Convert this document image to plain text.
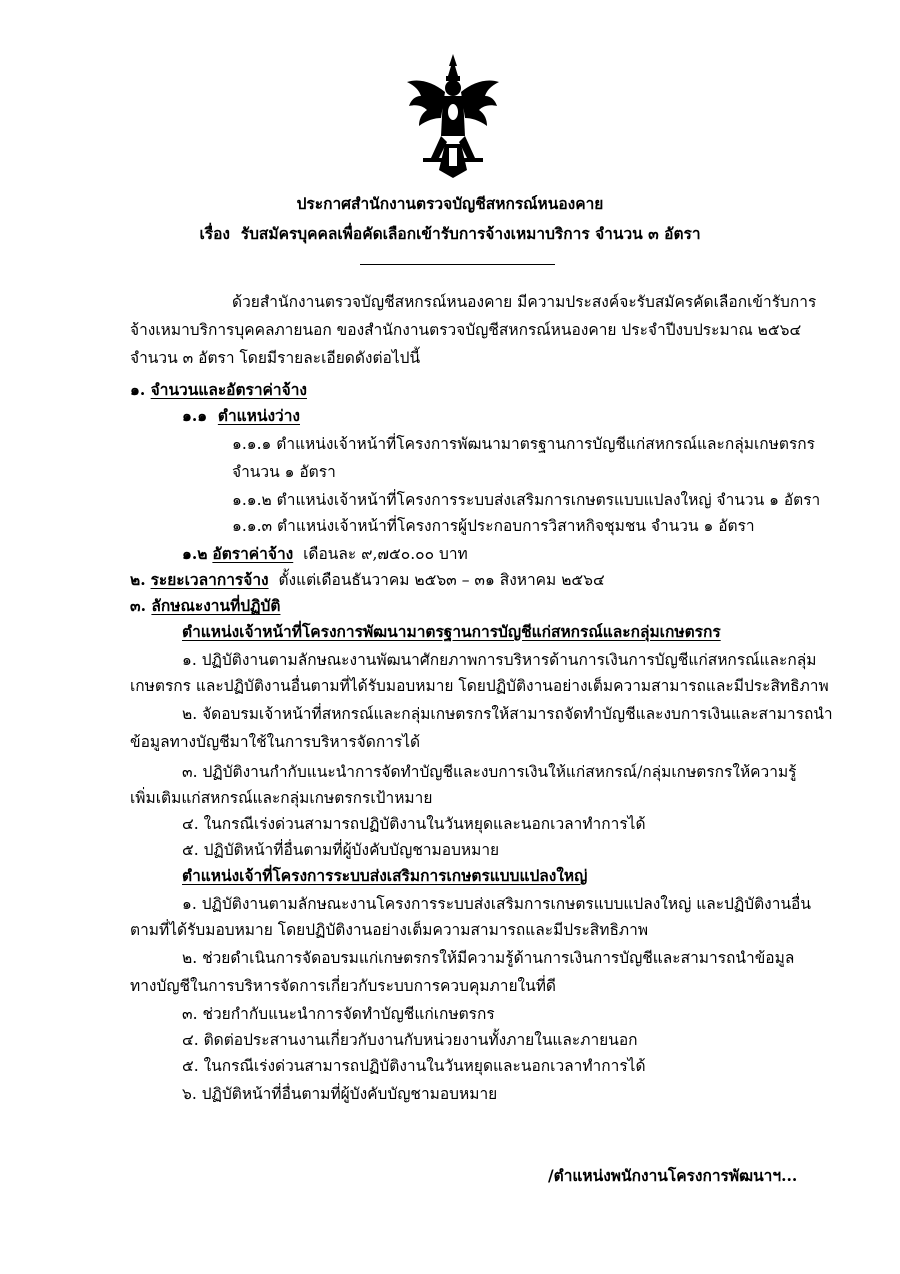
ประกาศสำนักงานตรวจบัญชีสหกรณ์หนองคาย
เรื่อง รับสมัครบุคคลเพื่อคัดเลือกเข้ารับการจ้างเหมาบริการ จำนวน ๓ อัตรา
ด้วยสำนักงานตรวจบัญชีสหกรณ์หนองคาย มีความประสงค์จะรับสมัครคัดเลือกเข้ารับการ
จ้างเหมาบริการบุคคลภายนอก ของสำนักงานตรวจบัญชีสหกรณ์หนองคาย ประจำปีงบประมาณ ๒๕๖๔
จำนวน ๓ อัตรา โดยมีรายละเอียดดังต่อไปนี้
๑. จำนวนและอัตราค่าจ้าง
๑.๑ ตำแหน่งว่าง
๑.๑.๑ ตำแหน่งเจ้าหน้าที่โครงการพัฒนามาตรฐานการบัญชีแก่สหกรณ์และกลุ่มเกษตรกร
จำนวน ๑ อัตรา
๑.๑.๒ ตำแหน่งเจ้าหน้าที่โครงการระบบส่งเสริมการเกษตรแบบแปลงใหญ่ จำนวน ๑ อัตรา
๑.๑.๓ ตำแหน่งเจ้าหน้าที่โครงการผู้ประกอบการวิสาหกิจชุมชน จำนวน ๑ อัตรา
๑.๒ อัตราค่าจ้าง เดือนละ ๙,๗๕๐.๐๐ บาท
๒. ระยะเวลาการจ้าง ตั้งแต่เดือนธันวาคม ๒๕๖๓ – ๓๑ สิงหาคม ๒๕๖๔
๓. ลักษณะงานที่ปฏิบัติ
ตำแหน่งเจ้าหน้าที่โครงการพัฒนามาตรฐานการบัญชีแก่สหกรณ์และกลุ่มเกษตรกร
๑. ปฏิบัติงานตามลักษณะงานพัฒนาศักยภาพการบริหารด้านการเงินการบัญชีแก่สหกรณ์และกลุ่ม
เกษตรกร และปฏิบัติงานอื่นตามที่ได้รับมอบหมาย โดยปฏิบัติงานอย่างเต็มความสามารถและมีประสิทธิภาพ
๒. จัดอบรมเจ้าหน้าที่สหกรณ์และกลุ่มเกษตรกรให้สามารถจัดทำบัญชีและงบการเงินและสามารถนำ
ข้อมูลทางบัญชีมาใช้ในการบริหารจัดการได้
๓. ปฏิบัติงานกำกับแนะนำการจัดทำบัญชีและงบการเงินให้แก่สหกรณ์/กลุ่มเกษตรกรให้ความรู้
เพิ่มเติมแก่สหกรณ์และกลุ่มเกษตรกรเป้าหมาย
๔. ในกรณีเร่งด่วนสามารถปฏิบัติงานในวันหยุดและนอกเวลาทำการได้
๕. ปฏิบัติหน้าที่อื่นตามที่ผู้บังคับบัญชามอบหมาย
ตำแหน่งเจ้าที่โครงการระบบส่งเสริมการเกษตรแบบแปลงใหญ่
๑. ปฏิบัติงานตามลักษณะงานโครงการระบบส่งเสริมการเกษตรแบบแปลงใหญ่ และปฏิบัติงานอื่น
ตามที่ได้รับมอบหมาย โดยปฏิบัติงานอย่างเต็มความสามารถและมีประสิทธิภาพ
๒. ช่วยดำเนินการจัดอบรมแก่เกษตรกรให้มีความรู้ด้านการเงินการบัญชีและสามารถนำข้อมูล
ทางบัญชีในการบริหารจัดการเกี่ยวกับระบบการควบคุมภายในที่ดี
๓. ช่วยกำกับแนะนำการจัดทำบัญชีแก่เกษตรกร
๔. ติดต่อประสานงานเกี่ยวกับงานกับหน่วยงานทั้งภายในและภายนอก
๕. ในกรณีเร่งด่วนสามารถปฏิบัติงานในวันหยุดและนอกเวลาทำการได้
๖. ปฏิบัติหน้าที่อื่นตามที่ผู้บังคับบัญชามอบหมาย
/ตำแหน่งพนักงานโครงการพัฒนาฯ...
